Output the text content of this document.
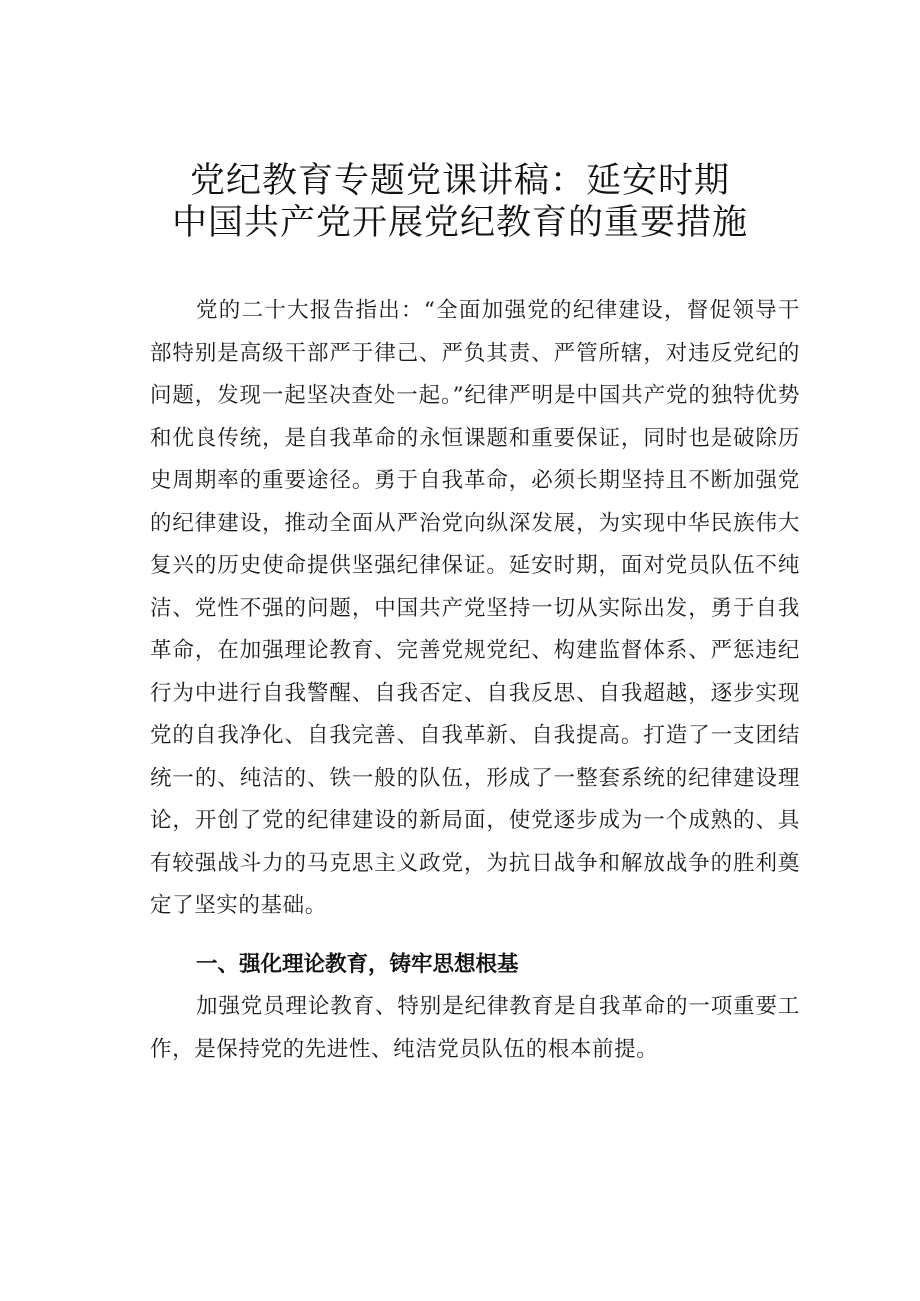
党纪教育专题党课讲稿：延安时期
中国共产党开展党纪教育的重要措施

党的二十大报告指出：“全面加强党的纪律建设，督促领导干部特别是高级干部严于律己、严负其责、严管所辖，对违反党纪的问题，发现一起坚决查处一起。”纪律严明是中国共产党的独特优势和优良传统，是自我革命的永恒课题和重要保证，同时也是破除历史周期率的重要途径。勇于自我革命，必须长期坚持且不断加强党的纪律建设，推动全面从严治党向纵深发展，为实现中华民族伟大复兴的历史使命提供坚强纪律保证。延安时期，面对党员队伍不纯洁、党性不强的问题，中国共产党坚持一切从实际出发，勇于自我革命，在加强理论教育、完善党规党纪、构建监督体系、严惩违纪行为中进行自我警醒、自我否定、自我反思、自我超越，逐步实现党的自我净化、自我完善、自我革新、自我提高。打造了一支团结统一的、纯洁的、铁一般的队伍，形成了一整套系统的纪律建设理论，开创了党的纪律建设的新局面，使党逐步成为一个成熟的、具有较强战斗力的马克思主义政党，为抗日战争和解放战争的胜利奠定了坚实的基础。

一、强化理论教育，铸牢思想根基

加强党员理论教育、特别是纪律教育是自我革命的一项重要工作，是保持党的先进性、纯洁党员队伍的根本前提。
